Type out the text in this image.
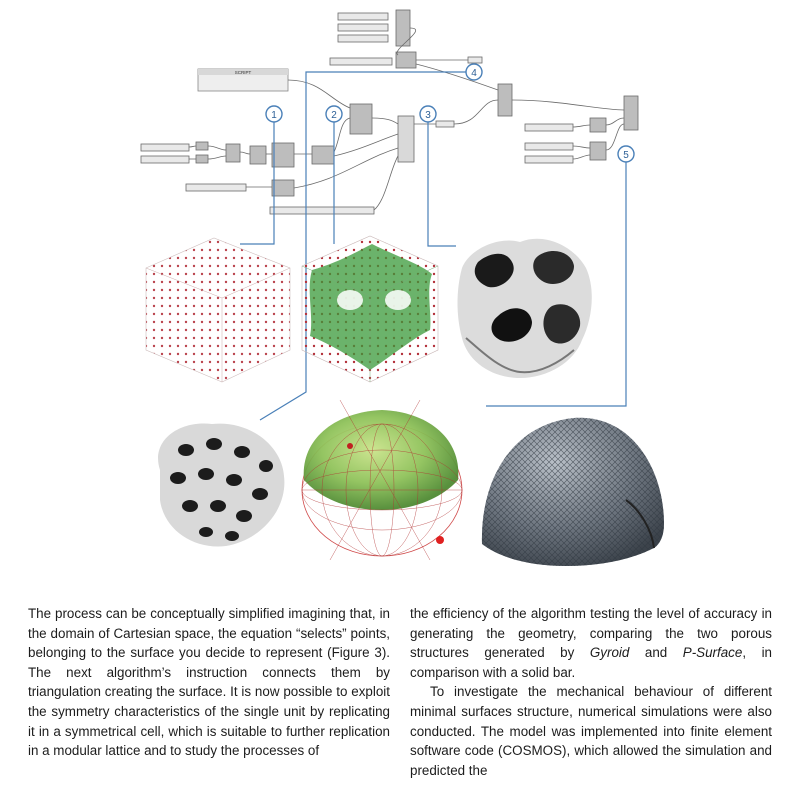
1	2	3
4
5
SCRIPT

The process can be conceptually simplified imagining that, in the domain of Cartesian space, the equation “selects” points, belonging to the surface you decide to represent (Figure 3). The next algorithm’s instruction connects them by triangulation creating the surface. It is now possible to exploit the symmetry characteristics of the single unit by replicating it in a symmetrical cell, which is suitable to further replication in a modular lattice and to study the processes of

the efficiency of the algorithm testing the level of accuracy in generating the geometry, comparing the two porous structures generated by Gyroid and P-Surface, in comparison with a solid bar.

To investigate the mechanical behaviour of different minimal surfaces structure, numerical simulations were also conducted. The model was implemented into finite element software code (COSMOS), which allowed the simulation and predicted the
